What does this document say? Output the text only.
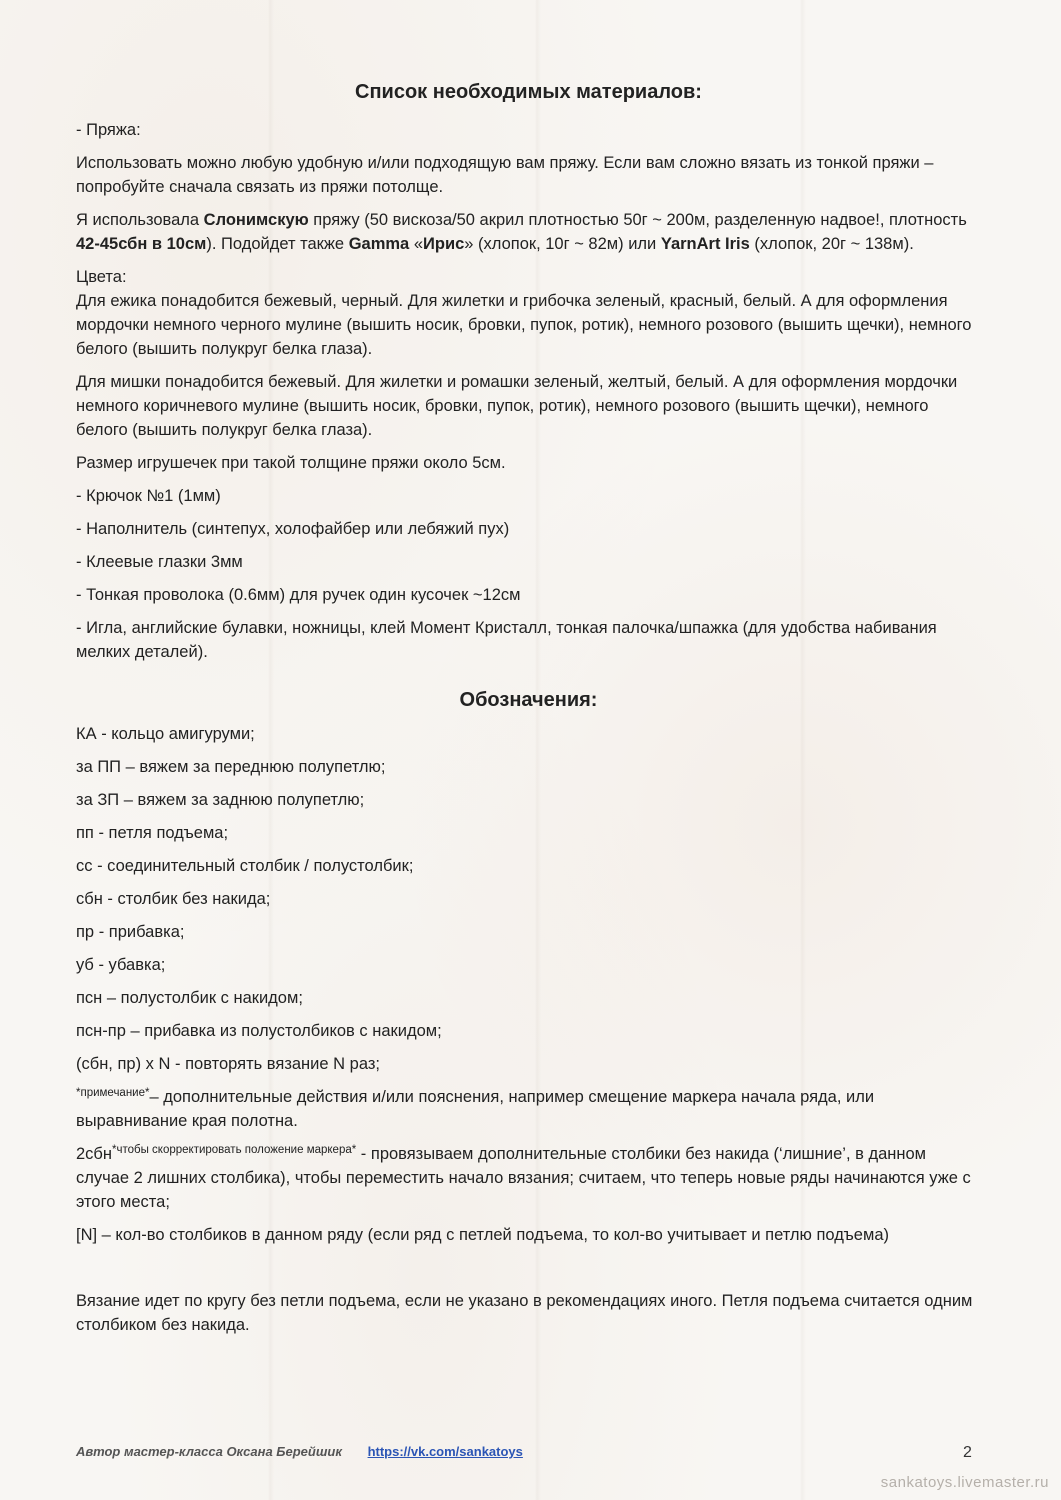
Список необходимых материалов:

- Пряжа:

Использовать можно любую удобную и/или подходящую вам пряжу. Если вам сложно вязать из тонкой пряжи – попробуйте сначала связать из пряжи потолще.

Я использовала Слонимскую пряжу (50 вискоза/50 акрил плотностью 50г ~ 200м, разделенную надвое!, плотность 42-45сбн в 10см). Подойдет также Gamma «Ирис» (хлопок, 10г ~ 82м) или YarnArt Iris (хлопок, 20г ~ 138м).

Цвета:

Для ежика понадобится бежевый, черный. Для жилетки и грибочка зеленый, красный, белый. А для оформления мордочки немного черного мулине (вышить носик, бровки, пупок, ротик), немного розового (вышить щечки), немного белого (вышить полукруг белка глаза).

Для мишки понадобится бежевый. Для жилетки и ромашки зеленый, желтый, белый. А для оформления мордочки немного коричневого мулине (вышить носик, бровки, пупок, ротик), немного розового (вышить щечки), немного белого (вышить полукруг белка глаза).

Размер игрушечек при такой толщине пряжи около 5см.

- Крючок №1 (1мм)

- Наполнитель (синтепух, холофайбер или лебяжий пух)

- Клеевые глазки 3мм

- Тонкая проволока (0.6мм) для ручек один кусочек ~12см

- Игла, английские булавки, ножницы, клей Момент Кристалл, тонкая палочка/шпажка (для удобства набивания мелких деталей).

Обозначения:

КА - кольцо амигуруми;

за ПП – вяжем за переднюю полупетлю;

за ЗП – вяжем за заднюю полупетлю;

пп - петля подъема;

сс - соединительный столбик / полустолбик;

сбн - столбик без накида;

пр - прибавка;

уб - убавка;

псн – полустолбик с накидом;

псн-пр – прибавка из полустолбиков с накидом;

(сбн, пр) x N - повторять вязание N раз;

$^{*примечание*}$– дополнительные действия и/или пояснения, например смещение маркера начала ряда, или выравнивание края полотна.

2сбн$^{*чтобы скорректировать положение маркера*}$ - провязываем дополнительные столбики без накида (‘лишние’, в данном случае 2 лишних столбика), чтобы переместить начало вязания; считаем, что теперь новые ряды начинаются уже с этого места;

[N] – кол-во столбиков в данном ряду (если ряд с петлей подъема, то кол-во учитывает и петлю подъема)

Вязание идет по кругу без петли подъема, если не указано в рекомендациях иного. Петля подъема считается одним столбиком без накида.

Автор мастер-класса Оксана Берейшик https://vk.com/sankatoys	2
sankatoys.livemaster.ru
